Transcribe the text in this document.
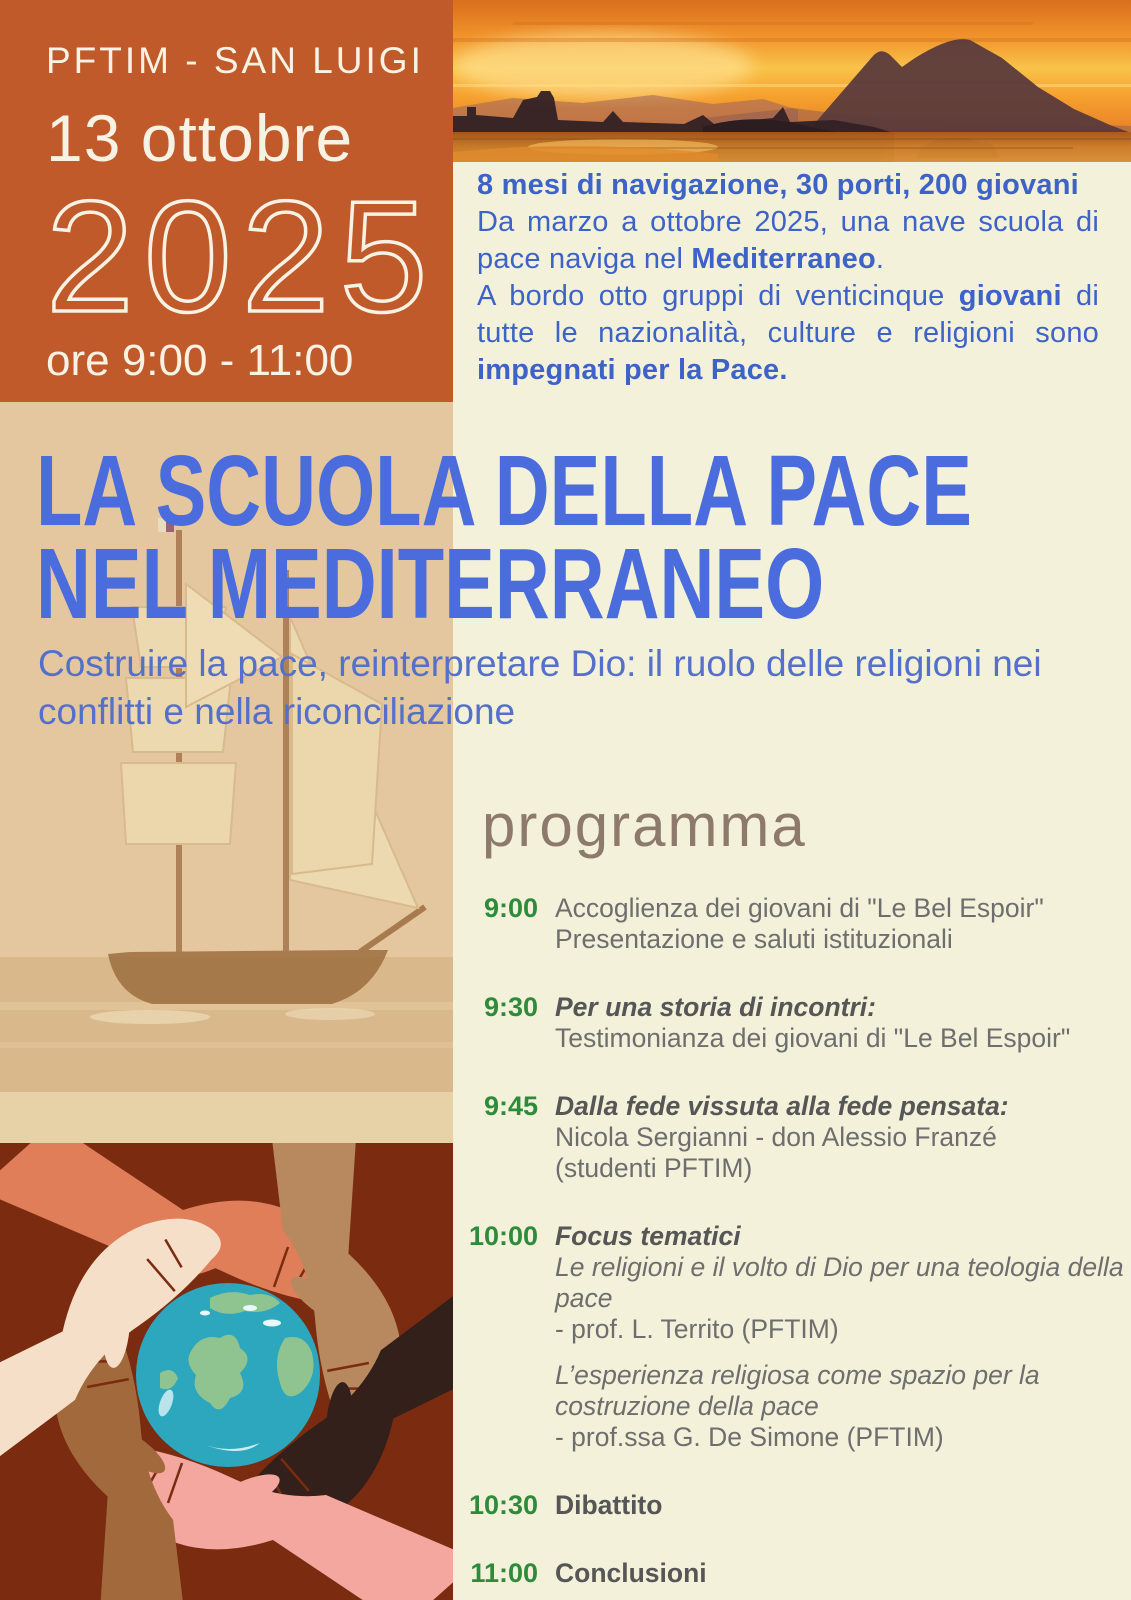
PFTIM - SAN LUIGI
13 ottobre
2025
ore 9:00 - 11:00
8 mesi di navigazione, 30 porti, 200 giovani

Da marzo a ottobre 2025, una nave scuola di pace naviga nel Mediterraneo.

A bordo otto gruppi di venticinque giovani di tutte le nazionalità, culture e religioni sono impegnati per la Pace.

LA SCUOLA DELLA PACE
NEL MEDITERRANEO
Costruire la pace, reinterpretare Dio: il ruolo delle religioni nei conflitti e nella riconciliazione
programma
9:00 Accoglienza dei giovani di "Le Bel Espoir"
Presentazione e saluti istituzionali
9:30 Per una storia di incontri:
Testimonianza dei giovani di "Le Bel Espoir"
9:45 Dalla fede vissuta alla fede pensata:
Nicola Sergianni - don Alessio Franzé
(studenti PFTIM)
10:00 Focus tematici
Le religioni e il volto di Dio per una teologia della pace
- prof. L. Territo (PFTIM)
L’esperienza religiosa come spazio per la costruzione della pace
- prof.ssa G. De Simone (PFTIM)
10:30 Dibattito
11:00 Conclusioni
